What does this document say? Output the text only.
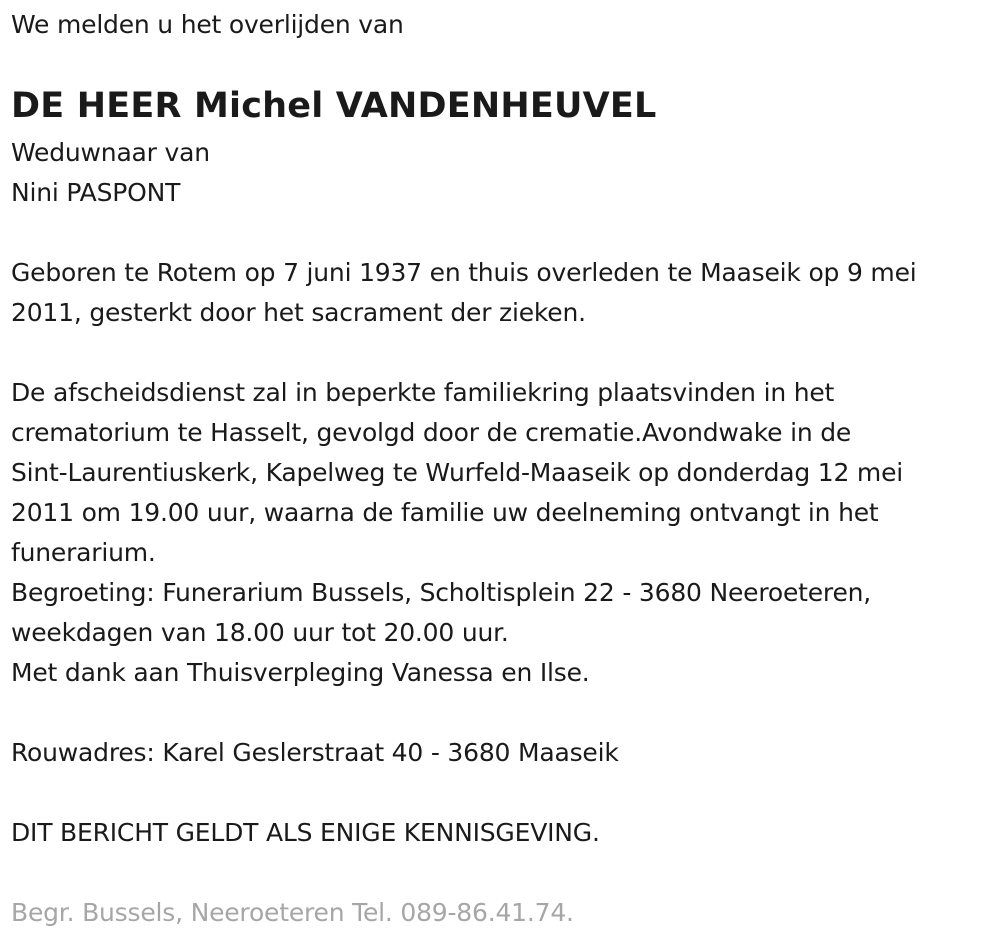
We melden u het overlijden van
DE HEER Michel VANDENHEUVEL
Weduwnaar van
Nini PASPONT
Geboren te Rotem op 7 juni 1937 en thuis overleden te Maaseik op 9 mei
2011, gesterkt door het sacrament der zieken.
De afscheidsdienst zal in beperkte familiekring plaatsvinden in het
crematorium te Hasselt, gevolgd door de crematie.Avondwake in de
Sint-Laurentiuskerk, Kapelweg te Wurfeld-Maaseik op donderdag 12 mei
2011 om 19.00 uur, waarna de familie uw deelneming ontvangt in het
funerarium.
Begroeting: Funerarium Bussels, Scholtisplein 22 - 3680 Neeroeteren,
weekdagen van 18.00 uur tot 20.00 uur.
Met dank aan Thuisverpleging Vanessa en Ilse.
Rouwadres: Karel Geslerstraat 40 - 3680 Maaseik
DIT BERICHT GELDT ALS ENIGE KENNISGEVING.
Begr. Bussels, Neeroeteren Tel. 089-86.41.74.
